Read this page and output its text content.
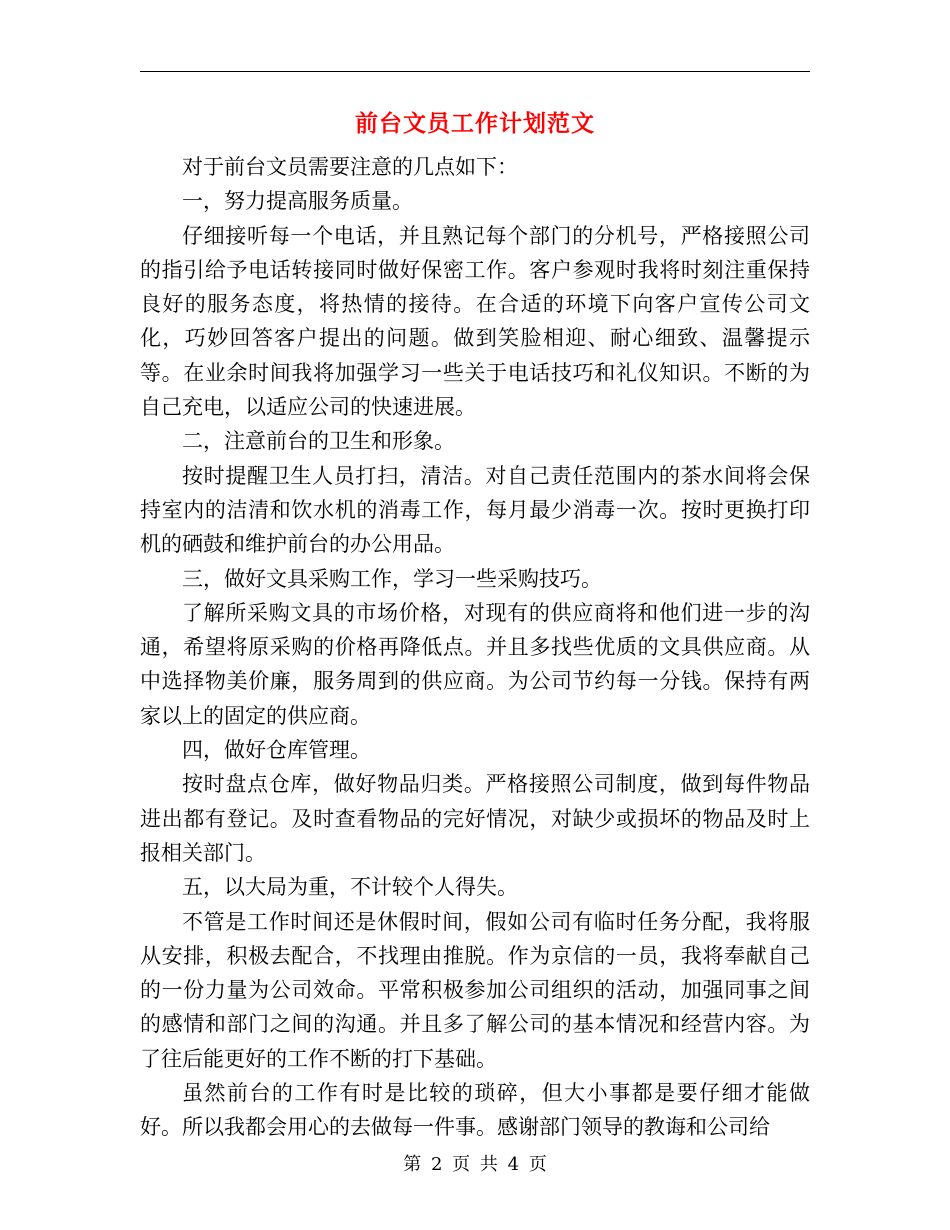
前台文员工作计划范文

对于前台文员需要注意的几点如下：

一，努力提高服务质量。

仔细接听每一个电话，并且熟记每个部门的分机号，严格接照公司的指引给予电话转接同时做好保密工作。客户参观时我将时刻注重保持良好的服务态度，将热情的接待。在合适的环境下向客户宣传公司文化，巧妙回答客户提出的问题。做到笑脸相迎、耐心细致、温馨提示等。在业余时间我将加强学习一些关于电话技巧和礼仪知识。不断的为自己充电，以适应公司的快速进展。

二，注意前台的卫生和形象。

按时提醒卫生人员打扫，清洁。对自己责任范围内的茶水间将会保持室内的洁清和饮水机的消毒工作，每月最少消毒一次。按时更换打印机的硒鼓和维护前台的办公用品。

三，做好文具采购工作，学习一些采购技巧。

了解所采购文具的市场价格，对现有的供应商将和他们进一步的沟通，希望将原采购的价格再降低点。并且多找些优质的文具供应商。从中选择物美价廉，服务周到的供应商。为公司节约每一分钱。保持有两家以上的固定的供应商。

四，做好仓库管理。

按时盘点仓库，做好物品归类。严格接照公司制度，做到每件物品进出都有登记。及时查看物品的完好情况，对缺少或损坏的物品及时上报相关部门。

五，以大局为重，不计较个人得失。

不管是工作时间还是休假时间，假如公司有临时任务分配，我将服从安排，积极去配合，不找理由推脱。作为京信的一员，我将奉献自己的一份力量为公司效命。平常积极参加公司组织的活动，加强同事之间的感情和部门之间的沟通。并且多了解公司的基本情况和经营内容。为了往后能更好的工作不断的打下基础。

虽然前台的工作有时是比较的琐碎，但大小事都是要仔细才能做好。所以我都会用心的去做每一件事。感谢部门领导的教诲和公司给

第 2 页 共 4 页
